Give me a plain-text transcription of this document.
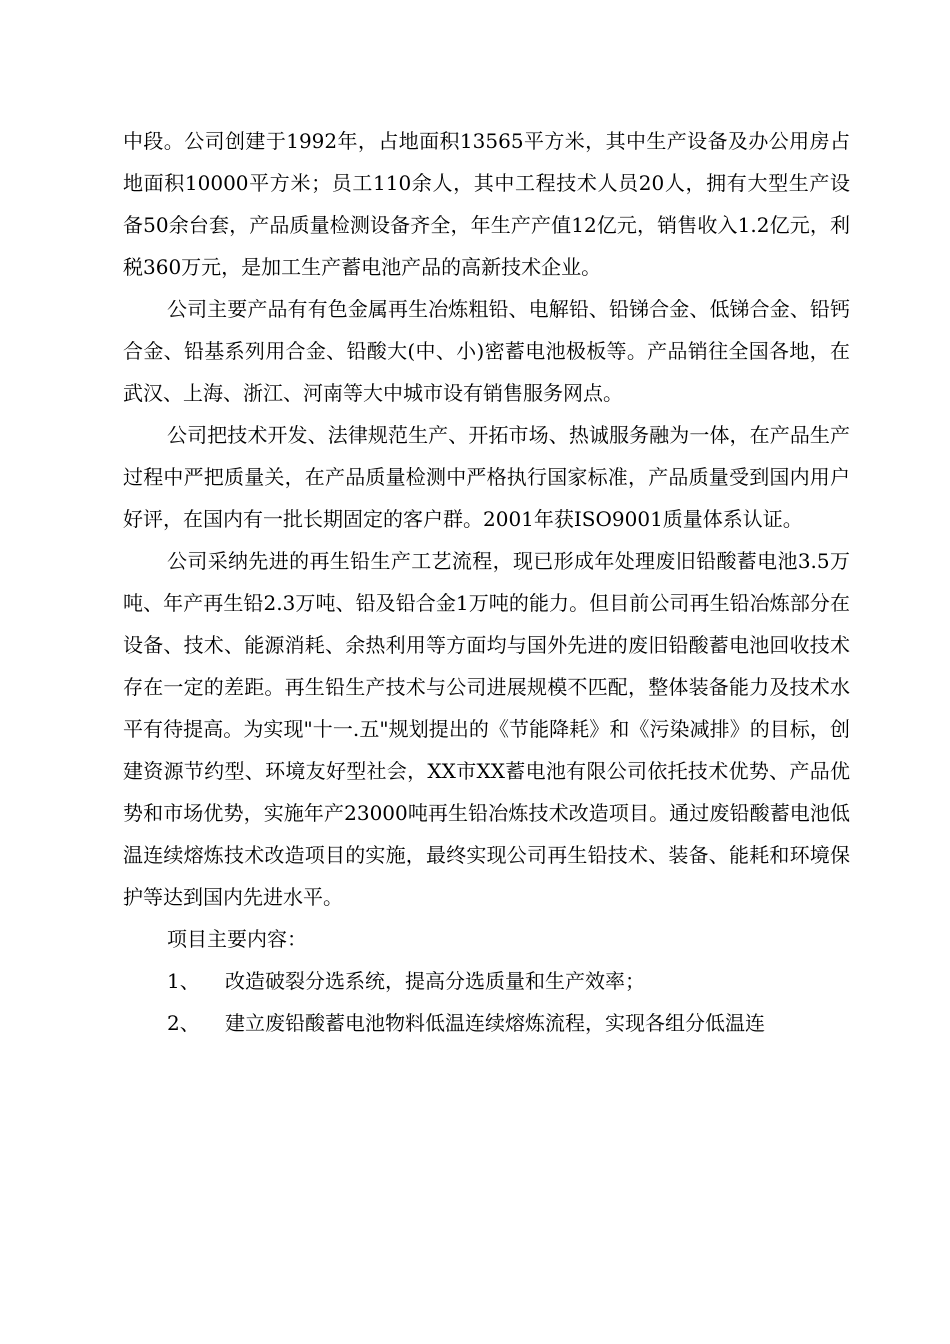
中段。公司创建于1992年，占地面积13565平方米，其中生产设备及办公用房占地面积10000平方米；员工110余人，其中工程技术人员20人，拥有大型生产设备50余台套，产品质量检测设备齐全，年生产产值12亿元，销售收入1.2亿元，利税360万元，是加工生产蓄电池产品的高新技术企业。

公司主要产品有有色金属再生冶炼粗铅、电解铅、铅锑合金、低锑合金、铅钙合金、铅基系列用合金、铅酸大(中、小)密蓄电池极板等。产品销往全国各地，在武汉、上海、浙江、河南等大中城市设有销售服务网点。

公司把技术开发、法律规范生产、开拓市场、热诚服务融为一体，在产品生产过程中严把质量关，在产品质量检测中严格执行国家标准，产品质量受到国内用户好评，在国内有一批长期固定的客户群。2001年获ISO9001质量体系认证。

公司采纳先进的再生铅生产工艺流程，现已形成年处理废旧铅酸蓄电池3.5万吨、年产再生铅2.3万吨、铅及铅合金1万吨的能力。但目前公司再生铅冶炼部分在设备、技术、能源消耗、余热利用等方面均与国外先进的废旧铅酸蓄电池回收技术存在一定的差距。再生铅生产技术与公司进展规模不匹配，整体装备能力及技术水平有待提高。为实现"十一.五"规划提出的《节能降耗》和《污染减排》的目标，创建资源节约型、环境友好型社会，XX市XX蓄电池有限公司依托技术优势、产品优势和市场优势，实施年产23000吨再生铅冶炼技术改造项目。通过废铅酸蓄电池低温连续熔炼技术改造项目的实施，最终实现公司再生铅技术、装备、能耗和环境保护等达到国内先进水平。

项目主要内容：

1、	改造破裂分选系统，提高分选质量和生产效率；
2、	建立废铅酸蓄电池物料低温连续熔炼流程，实现各组分低温连
